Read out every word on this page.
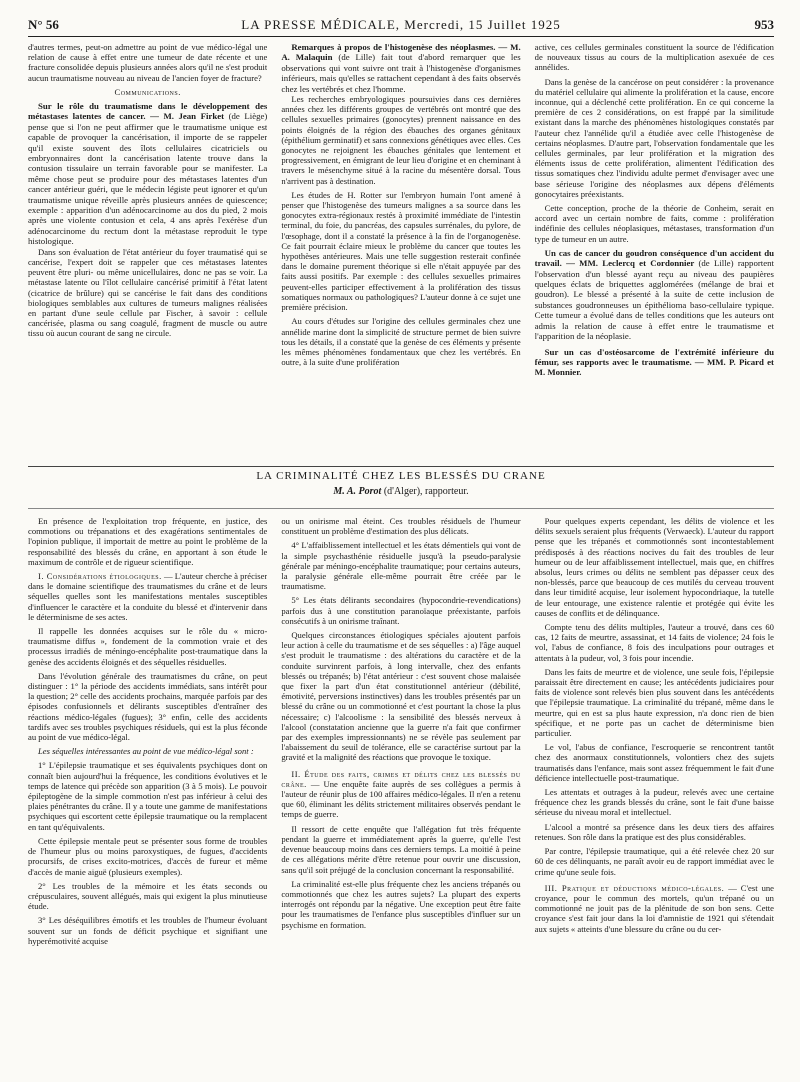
N° 56	LA PRESSE MÉDICALE, Mercredi, 15 Juillet 1925	953

d'autres termes, peut-on admettre au point de vue médico-légal une relation de cause à effet entre une tumeur de date récente et une fracture consolidée depuis plusieurs années alors qu'il ne s'est produit aucun traumatisme nouveau au niveau de l'ancien foyer de fracture?

Communications.

Sur le rôle du traumatisme dans le développement des métastases latentes de cancer. — M. Jean Firket (de Liège) pense que si l'on ne peut affirmer que le traumatisme unique est capable de provoquer la cancérisation, il importe de se rappeler qu'il existe souvent des îlots cellulaires cicatriciels ou embryonnaires dont la cancérisation latente trouve dans la contusion tissulaire un terrain favorable pour se manifester. La même chose peut se produire pour des métastases latentes d'un cancer antérieur guéri, que le médecin légiste peut ignorer et qu'un traumatisme unique réveille après plusieurs années de quiescence; exemple : apparition d'un adénocarcinome au dos du pied, 2 mois après une violente contusion et cela, 4 ans après l'exérèse d'un adénocarcinome du rectum dont la métastase reproduit le type histologique.

Dans son évaluation de l'état antérieur du foyer traumatisé qui se cancérise, l'expert doit se rappeler que ces métastases latentes peuvent être pluri- ou même unicellulaires, donc ne pas se voir. La métastase latente ou l'îlot cellulaire cancérisé primitif à l'état latent (cicatrice de brûlure) qui se cancérise le fait dans des conditions biologiques semblables aux cultures de tumeurs malignes réalisées en partant d'une seule cellule par Fischer, à savoir : cellule cancérisée, plasma ou sang coagulé, fragment de muscle ou autre tissu où aucun courant de sang ne circule.

Remarques à propos de l'histogenèse des néoplasmes. — M. A. Malaquin (de Lille) fait tout d'abord remarquer que les observations qui vont suivre ont trait à l'histogenèse d'organismes inférieurs, mais qu'elles se rattachent cependant à des faits observés chez les vertébrés et chez l'homme.

Les recherches embryologiques poursuivies dans ces dernières années chez les différents groupes de vertébrés ont montré que des cellules sexuelles primaires (gonocytes) prennent naissance en des points éloignés de la région des ébauches des organes génitaux (épithélium germinatif) et sans connexions génétiques avec elles. Ces gonocytes ne rejoignent les ébauches génitales que lentement et progressivement, en émigrant de leur lieu d'origine et en cheminant à travers le mésenchyme situé à la racine du mésentère dorsal. Tous n'arrivent pas à destination.

Les études de H. Rotter sur l'embryon humain l'ont amené à penser que l'histogenèse des tumeurs malignes a sa source dans les gonocytes extra-régionaux restés à proximité immédiate de l'intestin terminal, du foie, du pancréas, des capsules surrénales, du pylore, de l'œsophage, dont il a constaté la présence à la fin de l'organogenèse. Ce fait pourrait éclaire mieux le problème du cancer que toutes les hypothèses antérieures. Mais une telle suggestion resterait confinée dans le domaine purement théorique si elle n'était appuyée par des faits aussi positifs. Par exemple : des cellules sexuelles primaires peuvent-elles participer effectivement à la prolifération des tissus somatiques normaux ou pathologiques? L'auteur donne à ce sujet une première précision.

Au cours d'études sur l'origine des cellules germinales chez une annélide marine dont la simplicité de structure permet de bien suivre tous les détails, il a constaté que la genèse de ces éléments y présente les mêmes phénomènes fondamentaux que chez les vertébrés. En outre, à la suite d'une prolifération

active, ces cellules germinales constituent la source de l'édification de nouveaux tissus au cours de la multiplication asexuée de ces annélides.

Dans la genèse de la cancérose on peut considérer : la provenance du matériel cellulaire qui alimente la prolifération et la cause, encore inconnue, qui a déclenché cette prolifération. En ce qui concerne la première de ces 2 considérations, on est frappé par la similitude existant dans la marche des phénomènes histologiques constatés par l'auteur chez l'annélide qu'il a étudiée avec celle l'histogenèse de certains néoplasmes. D'autre part, l'observation fondamentale que les cellules germinales, par leur prolifération et la migration des éléments issus de cette prolifération, alimentent l'édification des tissus somatiques chez l'individu adulte permet d'envisager avec une base sérieuse l'origine des néoplasmes aux dépens d'éléments gonocytaires préexistants.

Cette conception, proche de la théorie de Conheim, serait en accord avec un certain nombre de faits, comme : prolifération indéfinie des cellules néoplasiques, métastases, transformation d'un type de tumeur en un autre.

Un cas de cancer du goudron conséquence d'un accident du travail. — MM. Leclercq et Cordonnier (de Lille) rapportent l'observation d'un blessé ayant reçu au niveau des paupières quelques éclats de briquettes agglomérées (mélange de brai et goudron). Le blessé a présenté à la suite de cette inclusion de substances goudronneuses un épithélioma baso-cellulaire typique. Cette tumeur a évolué dans de telles conditions que les auteurs ont admis la relation de cause à effet entre le traumatisme et l'apparition de la néoplasie.

Sur un cas d'ostéosarcome de l'extrémité inférieure du fémur, ses rapports avec le traumatisme. — MM. P. Picard et M. Monnier.

LA CRIMINALITÉ CHEZ LES BLESSÉS DU CRANE
M. A. Porot (d'Alger), rapporteur.

En présence de l'exploitation trop fréquente, en justice, des commotions ou trépanations et des exagérations sentimentales de l'opinion publique, il importait de mettre au point le problème de la responsabilité des blessés du crâne, en apportant à son étude le maximum de contrôle et de rigueur scientifique.

I. Considérations étiologiques. — L'auteur cherche à préciser dans le domaine scientifique des traumatismes du crâne et de leurs séquelles quelles sont les manifestations mentales susceptibles d'influencer le caractère et la conduite du blessé et d'intervenir dans le déterminisme de ses actes.

Il rappelle les données acquises sur le rôle du « micro-traumatisme diffus », fondement de la commotion vraie et des processus irradiés de méningo-encéphalite post-traumatique dans la genèse des accidents éloignés et des séquelles résiduelles.

Dans l'évolution générale des traumatismes du crâne, on peut distinguer : 1° la période des accidents immédiats, sans intérêt pour la question; 2° celle des accidents prochains, marquée parfois par des épisodes confusionnels et délirants susceptibles d'entraîner des réactions médico-légales (fugues); 3° enfin, celle des accidents tardifs avec ses troubles psychiques résiduels, qui est la plus féconde au point de vue médico-légal.

Les séquelles intéressantes au point de vue médico-légal sont :

1° L'épilepsie traumatique et ses équivalents psychiques dont on connaît bien aujourd'hui la fréquence, les conditions évolutives et le temps de latence qui précède son apparition (3 à 5 mois). Le pouvoir épileptogène de la simple commotion n'est pas inférieur à celui des plaies pénétrantes du crâne. Il y a toute une gamme de manifestations psychiques qui escortent cette épilepsie traumatique ou la remplacent en tant qu'équivalents.

Cette épilepsie mentale peut se présenter sous forme de troubles de l'humeur plus ou moins paroxystiques, de fugues, d'accidents procursifs, de crises excito-motrices, d'accès de fureur et même d'accès de manie aiguë (plusieurs exemples).

2° Les troubles de la mémoire et les états seconds ou crépusculaires, souvent allégués, mais qui exigent la plus minutieuse étude.

3° Les déséquilibres émotifs et les troubles de l'humeur évoluant souvent sur un fonds de déficit psychique et signifiant une hyperémotivité acquise

ou un onirisme mal éteint. Ces troubles résiduels de l'humeur constituent un problème d'estimation des plus délicats.

4° L'affaiblissement intellectuel et les états démentiels qui vont de la simple psychasthénie résiduelle jusqu'à la pseudo-paralysie générale par méningo-encéphalite traumatique; pour certains auteurs, la paralysie générale elle-même pourrait être créée par le traumatisme.

5° Les états délirants secondaires (hypocondrie-revendications) parfois dus à une constitution paranoïaque préexistante, parfois consécutifs à un onirisme traînant.

Quelques circonstances étiologiques spéciales ajoutent parfois leur action à celle du traumatisme et de ses séquelles : a) l'âge auquel s'est produit le traumatisme : des altérations du caractère et de la conduite survinrent parfois, à long intervalle, chez des enfants blessés ou trépanés; b) l'état antérieur : c'est souvent chose malaisée que fixer la part d'un état constitutionnel antérieur (débilité, émotivité, perversions instinctives) dans les troubles présentés par un blessé du crâne ou un commotionné et c'est pourtant la chose la plus nécessaire; c) l'alcoolisme : la sensibilité des blessés nerveux à l'alcool (constatation ancienne que la guerre n'a fait que confirmer par des exemples impressionnants) ne se révèle pas seulement par l'abaissement du seuil de tolérance, elle se caractérise surtout par la gravité et la malignité des réactions que provoque le toxique.

II. Étude des faits, crimes et délits chez les blessés du crâne. — Une enquête faite auprès de ses collègues a permis à l'auteur de réunir plus de 100 affaires médico-légales. Il n'en a retenu que 60, éliminant les délits strictement militaires observés pendant le temps de guerre.

Il ressort de cette enquête que l'allégation fut très fréquente pendant la guerre et immédiatement après la guerre, qu'elle l'est devenue beaucoup moins dans ces derniers temps. La moitié à peine de ces allégations mérite d'être retenue pour ouvrir une discussion, sans qu'il soit préjugé de la conclusion concernant la responsabilité.

La criminalité est-elle plus fréquente chez les anciens trépanés ou commotionnés que chez les autres sujets? La plupart des experts interrogés ont répondu par la négative. Une exception peut être faite pour les traumatismes de l'enfance plus susceptibles d'influer sur un psychisme en formation.

Pour quelques experts cependant, les délits de violence et les délits sexuels seraient plus fréquents (Verwaeck). L'auteur du rapport pense que les trépanés et commotionnés sont incontestablement prédisposés à des réactions nocives du fait des troubles de leur humeur ou de leur affaiblissement intellectuel, mais que, en chiffres absolus, leurs crimes ou délits ne semblent pas dépasser ceux des non-blessés, parce que beaucoup de ces mutilés du cerveau trouvent dans leur timidité acquise, leur isolement hypocondriaque, la tutelle de leur entourage, une existence ralentie et protégée qui évite les causes de conflits et de délinquance.

Compte tenu des délits multiples, l'auteur a trouvé, dans ces 60 cas, 12 faits de meurtre, assassinat, et 14 faits de violence; 24 fois le vol, l'abus de confiance, 8 fois des inculpations pour outrages et attentats à la pudeur, vol, 3 fois pour incendie.

Dans les faits de meurtre et de violence, une seule fois, l'épilepsie paraissait être directement en cause; les antécédents judiciaires pour faits de violence sont relevés bien plus souvent dans les antécédents que l'épilepsie traumatique. La criminalité du trépané, même dans le meurtre, qui en est sa plus haute expression, n'a donc rien de bien spécifique, et ne porte pas un cachet de déterminisme bien particulier.

Le vol, l'abus de confiance, l'escroquerie se rencontrent tantôt chez des anormaux constitutionnels, volontiers chez des sujets traumatisés dans l'enfance, mais sont assez fréquemment le fait d'une déficience intellectuelle post-traumatique.

Les attentats et outrages à la pudeur, relevés avec une certaine fréquence chez les grands blessés du crâne, sont le fait d'une baisse sérieuse du niveau moral et intellectuel.

L'alcool a montré sa présence dans les deux tiers des affaires retenues. Son rôle dans la pratique est des plus considérables.

Par contre, l'épilepsie traumatique, qui a été relevée chez 20 sur 60 de ces délinquants, ne paraît avoir eu de rapport immédiat avec le crime qu'une seule fois.

III. Pratique et déductions médico-légales. — C'est une croyance, pour le commun des mortels, qu'un trépané ou un commotionné ne jouit pas de la plénitude de son bon sens. Cette croyance s'est fait jour dans la loi d'amnistie de 1921 qui s'étendait aux sujets « atteints d'une blessure du crâne ou du cer-
